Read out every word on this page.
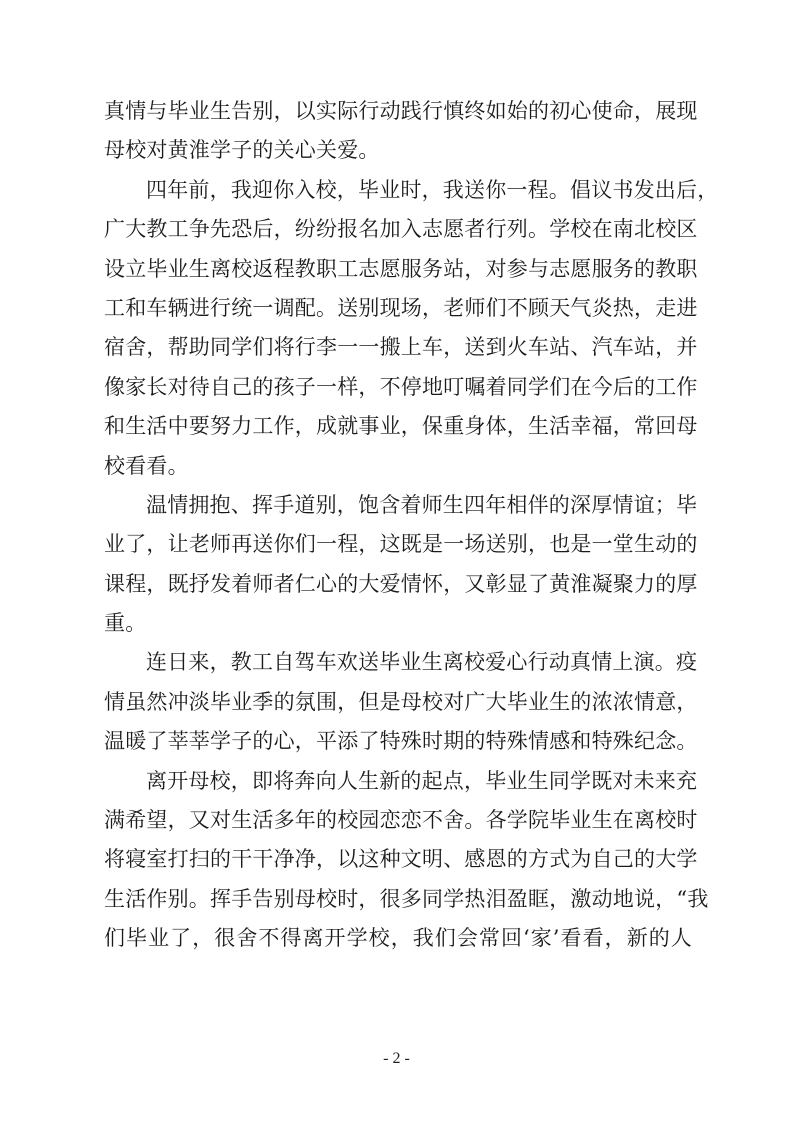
真情与毕业生告别，以实际行动践行慎终如始的初心使命，展现
母校对黄淮学子的关心关爱。
四年前，我迎你入校，毕业时，我送你一程。倡议书发出后，
广大教工争先恐后，纷纷报名加入志愿者行列。学校在南北校区
设立毕业生离校返程教职工志愿服务站，对参与志愿服务的教职
工和车辆进行统一调配。送别现场，老师们不顾天气炎热，走进
宿舍，帮助同学们将行李一一搬上车，送到火车站、汽车站，并
像家长对待自己的孩子一样，不停地叮嘱着同学们在今后的工作
和生活中要努力工作，成就事业，保重身体，生活幸福，常回母
校看看。
温情拥抱、挥手道别，饱含着师生四年相伴的深厚情谊；毕
业了，让老师再送你们一程，这既是一场送别，也是一堂生动的
课程，既抒发着师者仁心的大爱情怀，又彰显了黄淮凝聚力的厚
重。
连日来，教工自驾车欢送毕业生离校爱心行动真情上演。疫
情虽然冲淡毕业季的氛围，但是母校对广大毕业生的浓浓情意，
温暖了莘莘学子的心，平添了特殊时期的特殊情感和特殊纪念。
离开母校，即将奔向人生新的起点，毕业生同学既对未来充
满希望，又对生活多年的校园恋恋不舍。各学院毕业生在离校时
将寝室打扫的干干净净，以这种文明、感恩的方式为自己的大学
生活作别。挥手告别母校时，很多同学热泪盈眶，激动地说，“我
们毕业了，很舍不得离开学校，我们会常回‘家’看看，新的人
- 2 -
